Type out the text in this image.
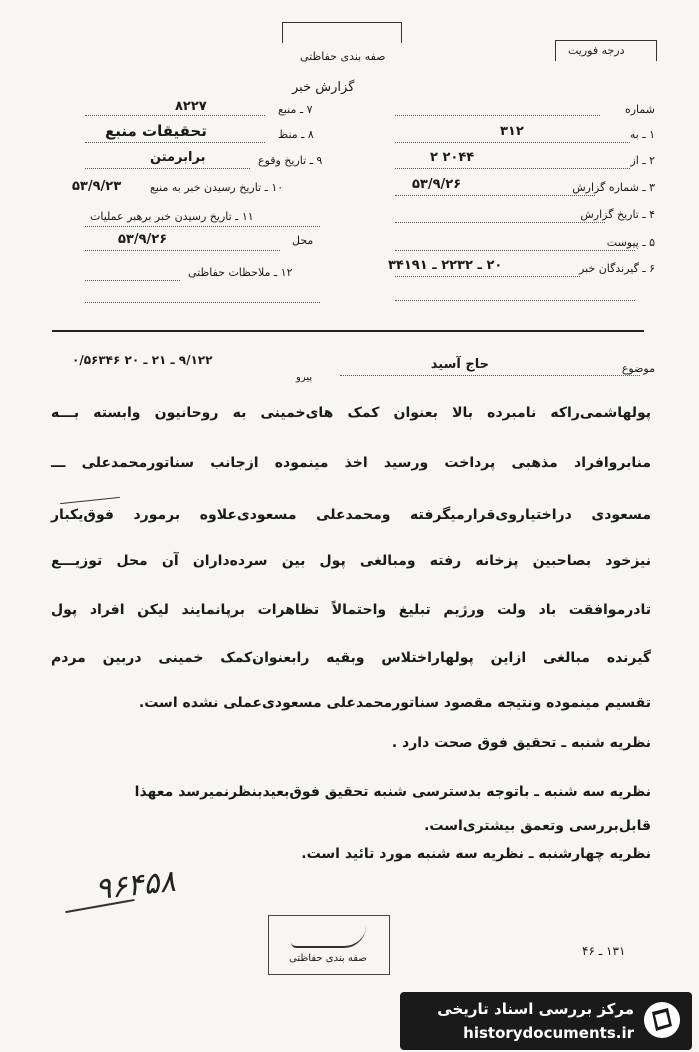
صفه بندی حفاظتی	درجه فوریت
گزارش خبر
شماره
۱ ـ به
۳۱۲
۲ ـ از
۲۰۴۴ ۲
۳ ـ شماره گزارش
۵۳/۹/۲۶
۴ ـ تاریخ گزارش
۵ ـ پیوست
۶ ـ گیرندگان خبر
۲۰ ـ ۲۲۳۲ ـ ۳۴۱۹۱
۷ ـ منبع
۸۲۲۷
۸ ـ منظ
تحقیقات منبع
۹ ـ تاریخ وقوع
برابرمتن
۱۰ ـ تاریخ رسیدن خبر به منبع
۵۳/۹/۲۳
۱۱ ـ تاریخ رسیدن خبر برهبر عملیات
محل
۵۳/۹/۲۶
۱۲ ـ ملاحظات حفاظتی
موضوع
حاج آسید
۹/۱۲۲ ـ ۲۱ ـ ۲۰ ۰/۵۶۳۴۶
پیرو
پولهاشمی‌راکه نامبرده بالا بعنوان کمک های‌خمینی به روحانیون وابسته بـــه
منابروافراد مذهبی پرداخت ورسید اخذ مینموده ازجانب سناتورمحمدعلی ـــ
مسعودی دراختیاروی‌قرارمیگرفته ومحمدعلی مسعودی‌علاوه برمورد فوق‌یکبار
نیزخود بصاحبین پزخانه رفته ومبالغی پول بین سرده‌داران آن محل توزیـــع
تادرموافقت باد ولت ورژیم تبلیغ واحتمالاً تظاهرات برپانمایند لیکن افراد پول
گیرنده مبالغی ازاین پولهاراختلاس وبقیه رابعنوان‌کمک خمینی دربین مردم
تقسیم مینموده ونتیجه مقصود سناتورمحمدعلی مسعودی‌عملی نشده است.
نظریه شنبه ـ تحقیق فوق صحت دارد .
نظریه سه شنبه ـ باتوجه بدسترسی شنبه تحقیق فوق‌بعیدبنظرنمیرسد معهذا
قابل‌بررسی وتعمق بیشتری‌است.
نظریه چهارشنبه ـ نظریه سه شنبه مورد تائید است.
۹۶۴۵۸
صفه بندی حفاظتی
۱۳۱ ـ ۴۶
مرکز بررسی اسناد تاریخی
historydocuments.ir
